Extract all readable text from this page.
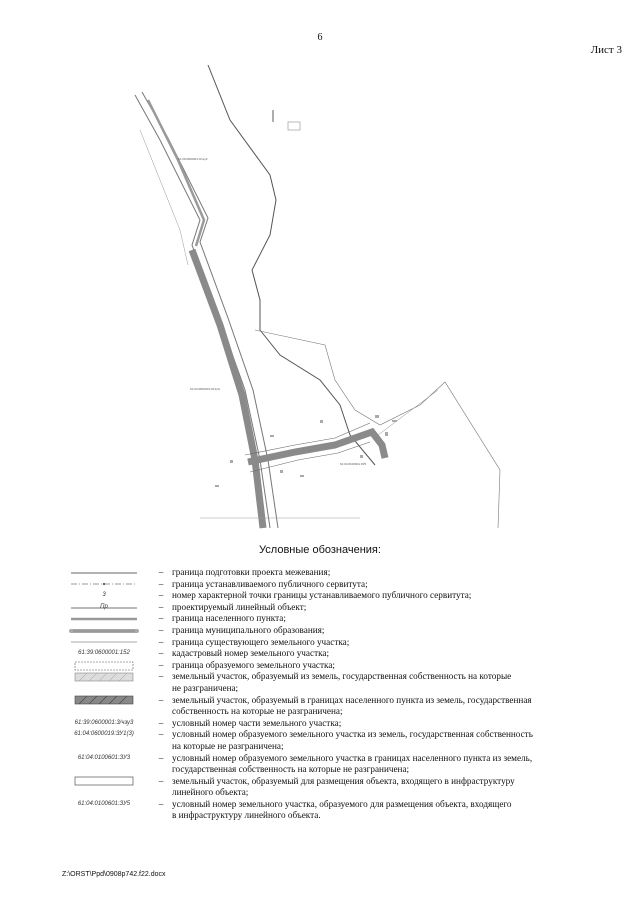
6
Лист 3
61:39:0600001:3/чзу3
61:04:0600019:ЗУ1(3)
61:04:0100601:ЗУ5
Условные обозначения:
– граница подготовки проекта межевания;
– граница устанавливаемого публичного сервитута;
3	– номер характерной точки границы устанавливаемого публичного сервитута;
Пр	– проектируемый линейный объект;
– граница населенного пункта;
– граница муниципального образования;
– граница существующего земельного участка;
61:39:0600001:152	– кадастровый номер земельного участка;
– граница образуемого земельного участка;
– земельный участок, образуемый из земель, государственная собственность на которые
не разграничена;
– земельный участок, образуемый в границах населенного пункта из земель, государственная
собственность на которые не разграничена;
61:39:0600001:3/чзу3	– условный номер части земельного участка;
61:04:0600019:ЗУ1(3)	– условный номер образуемого земельного участка из земель, государственная собственность
на которые не разграничена;
61:04:0100601:ЗУ3	– условный номер образуемого земельного участка в границах населенного пункта из земель,
государственная собственность на которые не разграничена;
– земельный участок, образуемый для размещения объекта, входящего в инфраструктуру
линейного объекта;
61:04:0100601:ЗУ5	– условный номер земельного участка, образуемого для размещения объекта, входящего
в инфраструктуру линейного объекта.
Z:\ORST\Ppd\0908p742.f22.docx
